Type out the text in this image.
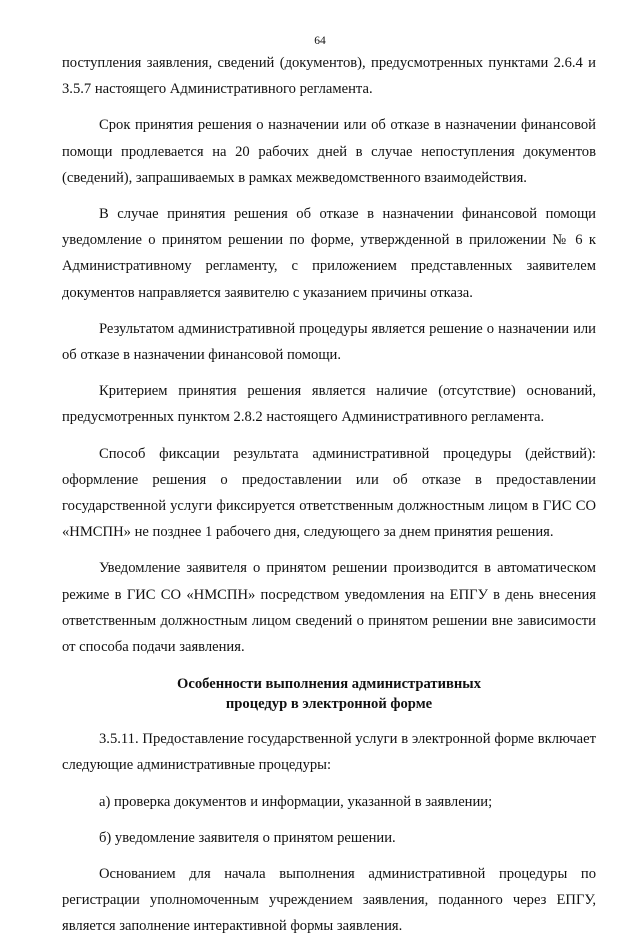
64

поступления заявления, сведений (документов), предусмотренных пунктами 2.6.4 и 3.5.7 настоящего Административного регламента.

Срок принятия решения о назначении или об отказе в назначении финансовой помощи продлевается на 20 рабочих дней в случае непоступления документов (сведений), запрашиваемых в рамках межведомственного взаимодействия.

В случае принятия решения об отказе в назначении финансовой помощи уведомление о принятом решении по форме, утвержденной в приложении № 6 к Административному регламенту, с приложением представленных заявителем документов направляется заявителю с указанием причины отказа.

Результатом административной процедуры является решение о назначении или об отказе в назначении финансовой помощи.

Критерием принятия решения является наличие (отсутствие) оснований, предусмотренных пунктом 2.8.2 настоящего Административного регламента.

Способ фиксации результата административной процедуры (действий): оформление решения о предоставлении или об отказе в предоставлении государственной услуги фиксируется ответственным должностным лицом в ГИС СО «НМСПН» не позднее 1 рабочего дня, следующего за днем принятия решения.

Уведомление заявителя о принятом решении производится в автоматическом режиме в ГИС СО «НМСПН» посредством уведомления на ЕПГУ в день внесения ответственным должностным лицом сведений о принятом решении вне зависимости от способа подачи заявления.

Особенности выполнения административных
процедур в электронной форме

3.5.11. Предоставление государственной услуги в электронной форме включает следующие административные процедуры:

а) проверка документов и информации, указанной в заявлении;

б) уведомление заявителя о принятом решении.

Основанием для начала выполнения административной процедуры по регистрации уполномоченным учреждением заявления, поданного через ЕПГУ, является заполнение интерактивной формы заявления.
